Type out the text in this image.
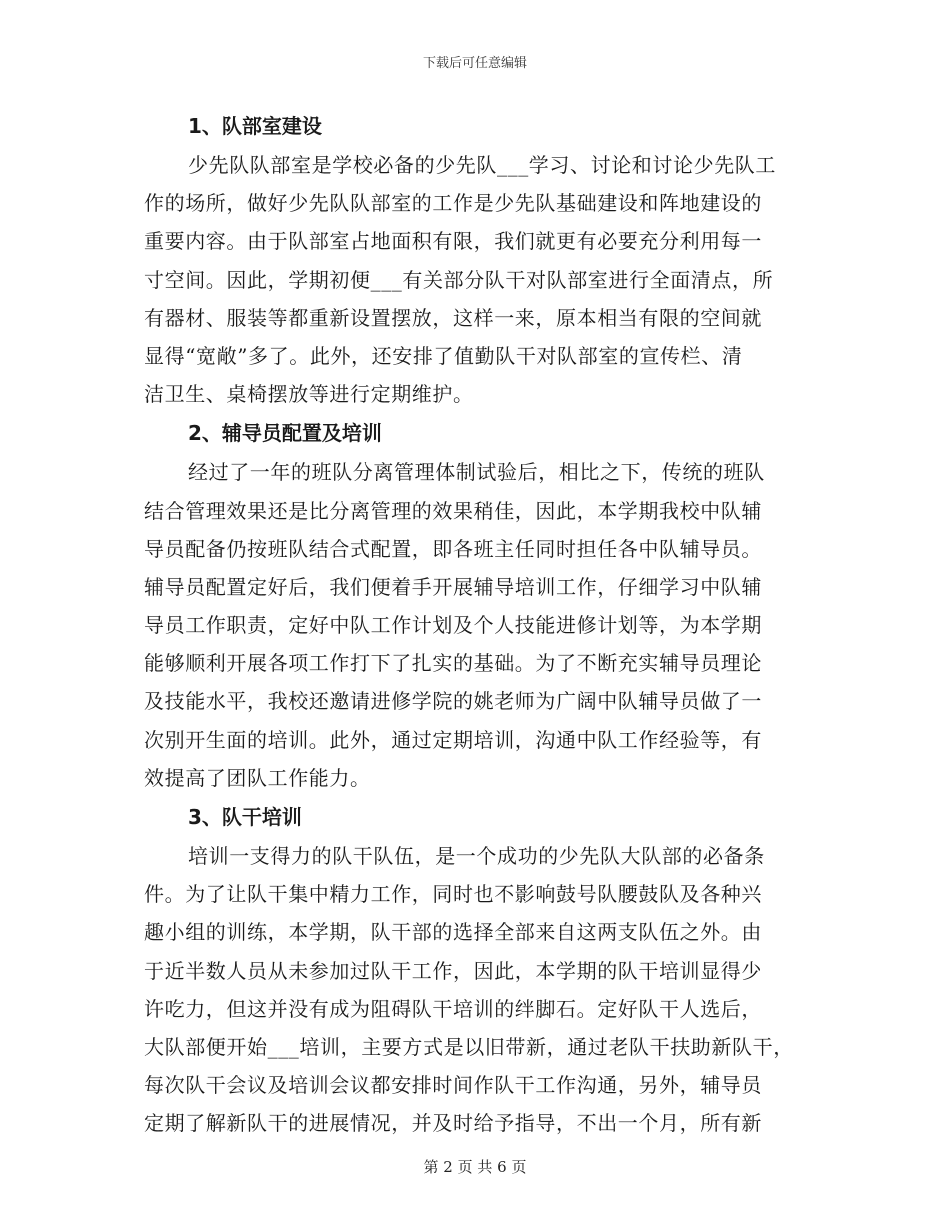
下载后可任意编辑
1、队部室建设

少先队队部室是学校必备的少先队___学习、讨论和讨论少先队工

作的场所，做好少先队队部室的工作是少先队基础建设和阵地建设的

重要内容。由于队部室占地面积有限，我们就更有必要充分利用每一

寸空间。因此，学期初便___有关部分队干对队部室进行全面清点，所

有器材、服装等都重新设置摆放，这样一来，原本相当有限的空间就

显得“宽敞”多了。此外，还安排了值勤队干对队部室的宣传栏、清

洁卫生、桌椅摆放等进行定期维护。

2、辅导员配置及培训

经过了一年的班队分离管理体制试验后，相比之下，传统的班队

结合管理效果还是比分离管理的效果稍佳，因此，本学期我校中队辅

导员配备仍按班队结合式配置，即各班主任同时担任各中队辅导员。

辅导员配置定好后，我们便着手开展辅导培训工作，仔细学习中队辅

导员工作职责，定好中队工作计划及个人技能进修计划等，为本学期

能够顺利开展各项工作打下了扎实的基础。为了不断充实辅导员理论

及技能水平，我校还邀请进修学院的姚老师为广阔中队辅导员做了一

次别开生面的培训。此外，通过定期培训，沟通中队工作经验等，有

效提高了团队工作能力。

3、队干培训

培训一支得力的队干队伍，是一个成功的少先队大队部的必备条

件。为了让队干集中精力工作，同时也不影响鼓号队腰鼓队及各种兴

趣小组的训练，本学期，队干部的选择全部来自这两支队伍之外。由

于近半数人员从未参加过队干工作，因此，本学期的队干培训显得少

许吃力，但这并没有成为阻碍队干培训的绊脚石。定好队干人选后，

大队部便开始___培训，主要方式是以旧带新，通过老队干扶助新队干，

每次队干会议及培训会议都安排时间作队干工作沟通，另外，辅导员

定期了解新队干的进展情况，并及时给予指导，不出一个月，所有新

第 2 页 共 6 页
